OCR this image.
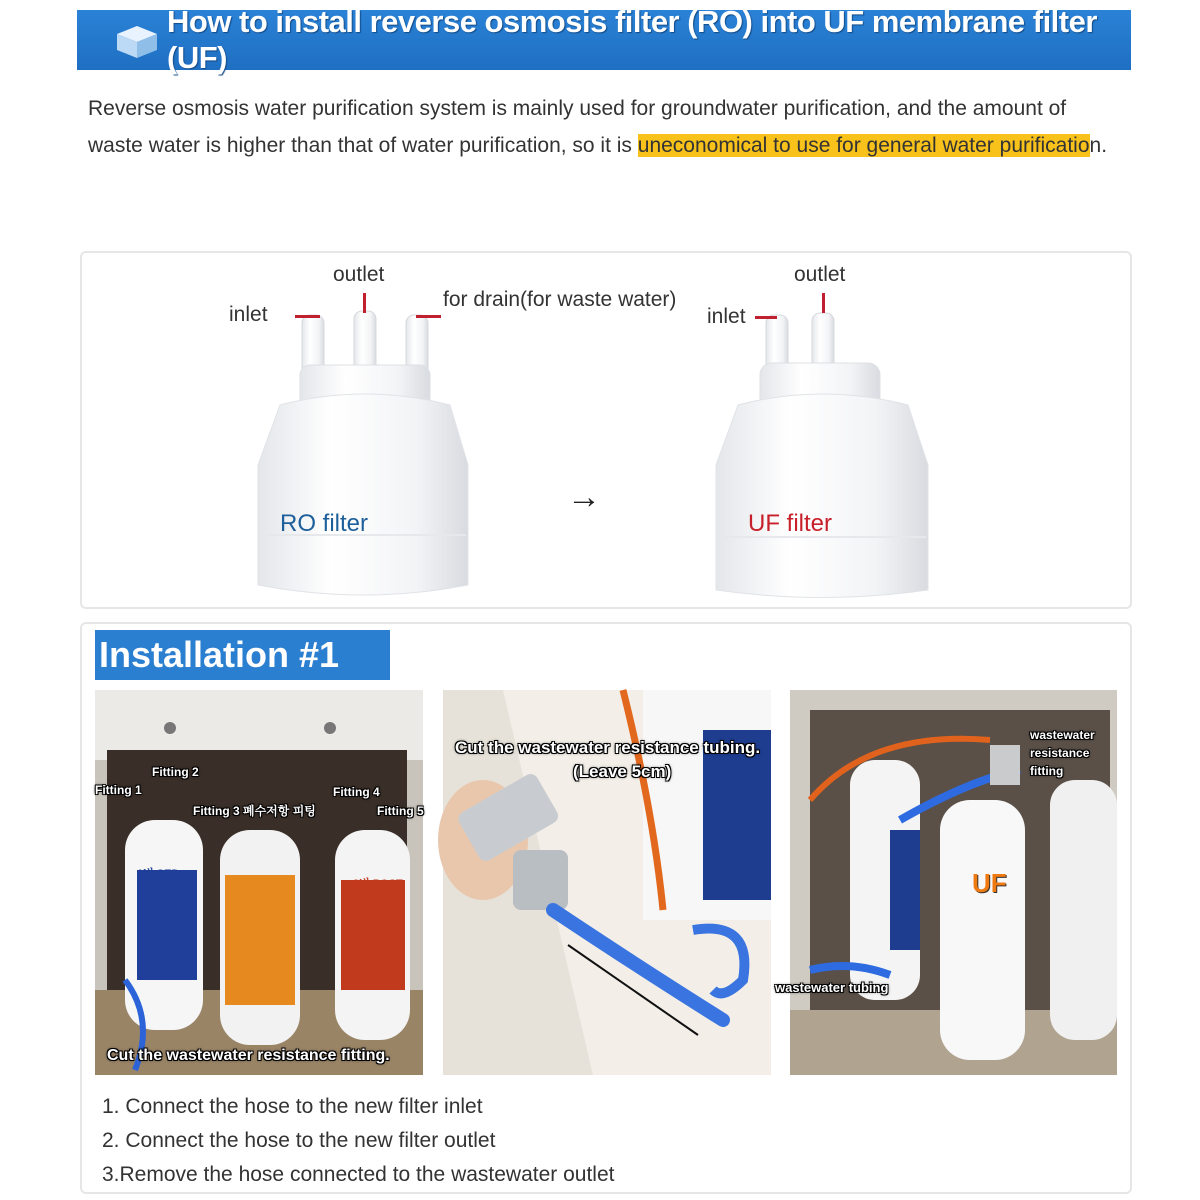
How to install reverse osmosis filter (RO) into UF membrane filter (UF)
Reverse osmosis water purification system is mainly used for groundwater purification, and the amount of
waste water is higher than that of water purification, so it is uneconomical to use for general water purification.
inlet
outlet
for drain(for waste water)
inlet
outlet
RO filter
→
UF filter
Installation #1
Fitting 1
Fitting 2
Fitting 3 폐수저항 피팅
Fitting 4
Fitting 5
1번 SED
3번 POST
Cut the wastewater resistance fitting.
Cut the wastewater resistance tubing.
(Leave 5cm)
wastewater
resistance
fitting
wastewater tubing
UF
1. Connect the hose to the new filter inlet
2. Connect the hose to the new filter outlet
3.Remove the hose connected to the wastewater outlet
